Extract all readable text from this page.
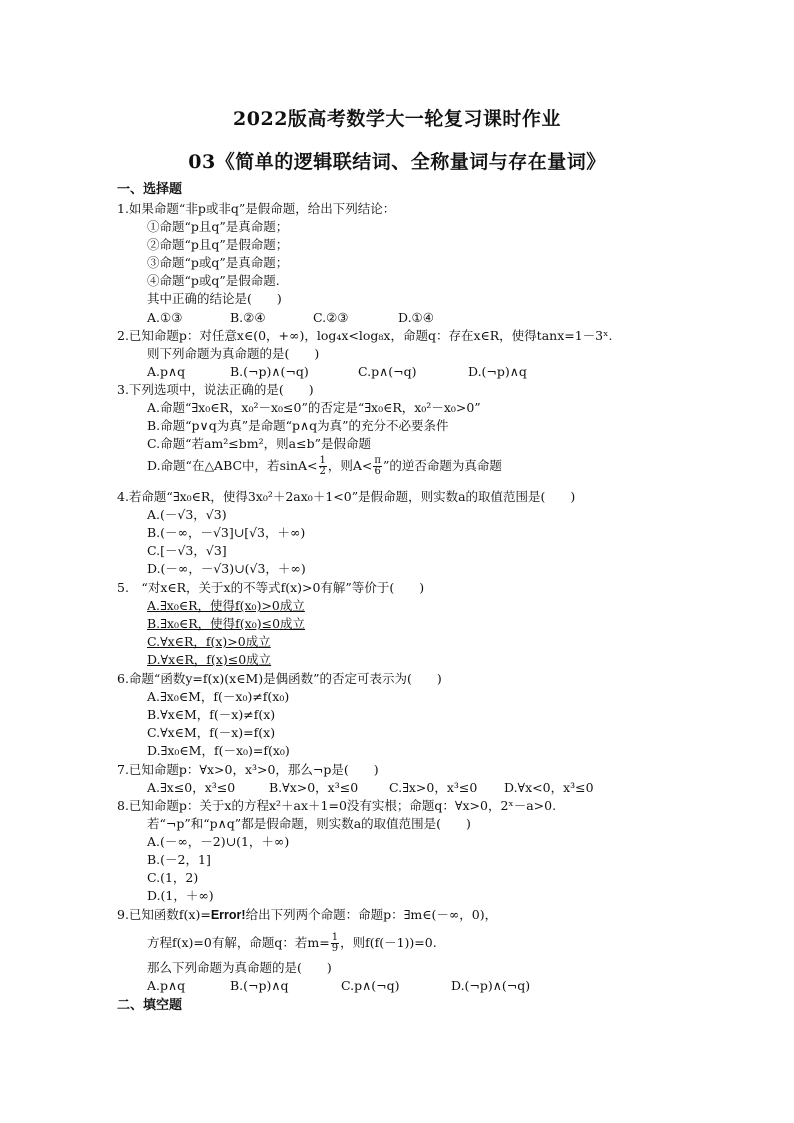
2022版高考数学大一轮复习课时作业
03《简单的逻辑联结词、全称量词与存在量词》
一、选择题
1.如果命题“非p或非q”是假命题，给出下列结论：
①命题“p且q”是真命题；
②命题“p且q”是假命题；
③命题“p或q”是真命题；
④命题“p或q”是假命题.
其中正确的结论是(　　)
A.①③	B.②④	C.②③	D.①④
2.已知命题p：对任意x∈(0，+∞)，log₄x<log₈x，命题q：存在x∈R，使得tanx=1－3ˣ.
则下列命题为真命题的是(　　)
A.p∧q	B.(¬p)∧(¬q)	C.p∧(¬q)	D.(¬p)∧q
3.下列选项中，说法正确的是(　　)
A.命题“∃x₀∈R，x₀²－x₀≤0”的否定是“∃x₀∈R，x₀²－x₀>0”
B.命题“p∨q为真”是命题“p∧q为真”的充分不必要条件
C.命题“若am²≤bm²，则a≤b”是假命题
D.命题“在△ABC中，若$\sin A< \frac{1}{2}$ ，则$A< \frac{\pi}{6}$ ”的逆否命题为真命题
4.若命题“∃x₀∈R，使得3x₀²＋2ax₀＋1<0”是假命题，则实数a的取值范围是(　　)
A.(－√3，√3)
B.(－∞，－√3]∪[√3，＋∞)
C.[－√3，√3]
D.(－∞，－√3)∪(√3，＋∞)
5.　“对x∈R，关于x的不等式f(x)>0有解”等价于(　　)
A.∃x₀∈R，使得f(x₀)>0成立
B.∃x₀∈R，使得f(x₀)≤0成立
C.∀x∈R，f(x)>0成立
D.∀x∈R，f(x)≤0成立
6.命题“函数y=f(x)(x∈M)是偶函数”的否定可表示为(　　)
A.∃x₀∈M，f(－x₀)≠f(x₀)
B.∀x∈M，f(－x)≠f(x)
C.∀x∈M，f(－x)=f(x)
D.∃x₀∈M，f(－x₀)=f(x₀)
7.已知命题p：∀x>0，x³>0，那么¬p是(　　)
A.∃x≤0，x³≤0	B.∀x>0，x³≤0 C.∃x>0，x³≤0 D.∀x<0，x³≤0
8.已知命题p：关于x的方程x²＋ax＋1=0没有实根；命题q：∀x>0，2ˣ－a>0.
若“¬p”和“p∧q”都是假命题，则实数a的取值范围是(　　)
A.(－∞，－2)∪(1，＋∞)
B.(－2，1]
C.(1，2)
D.(1，＋∞)
9.已知函数f(x)=Error!给出下列两个命题：命题p：∃m∈(－∞，0)，
方程f(x)=0有解，命题q：若$m= \frac{1}{9}$ ，则f(f(－1))=0.
那么下列命题为真命题的是(　　)
A.p∧q	B.(¬p)∧q	C.p∧(¬q)	D.(¬p)∧(¬q)
二、填空题
